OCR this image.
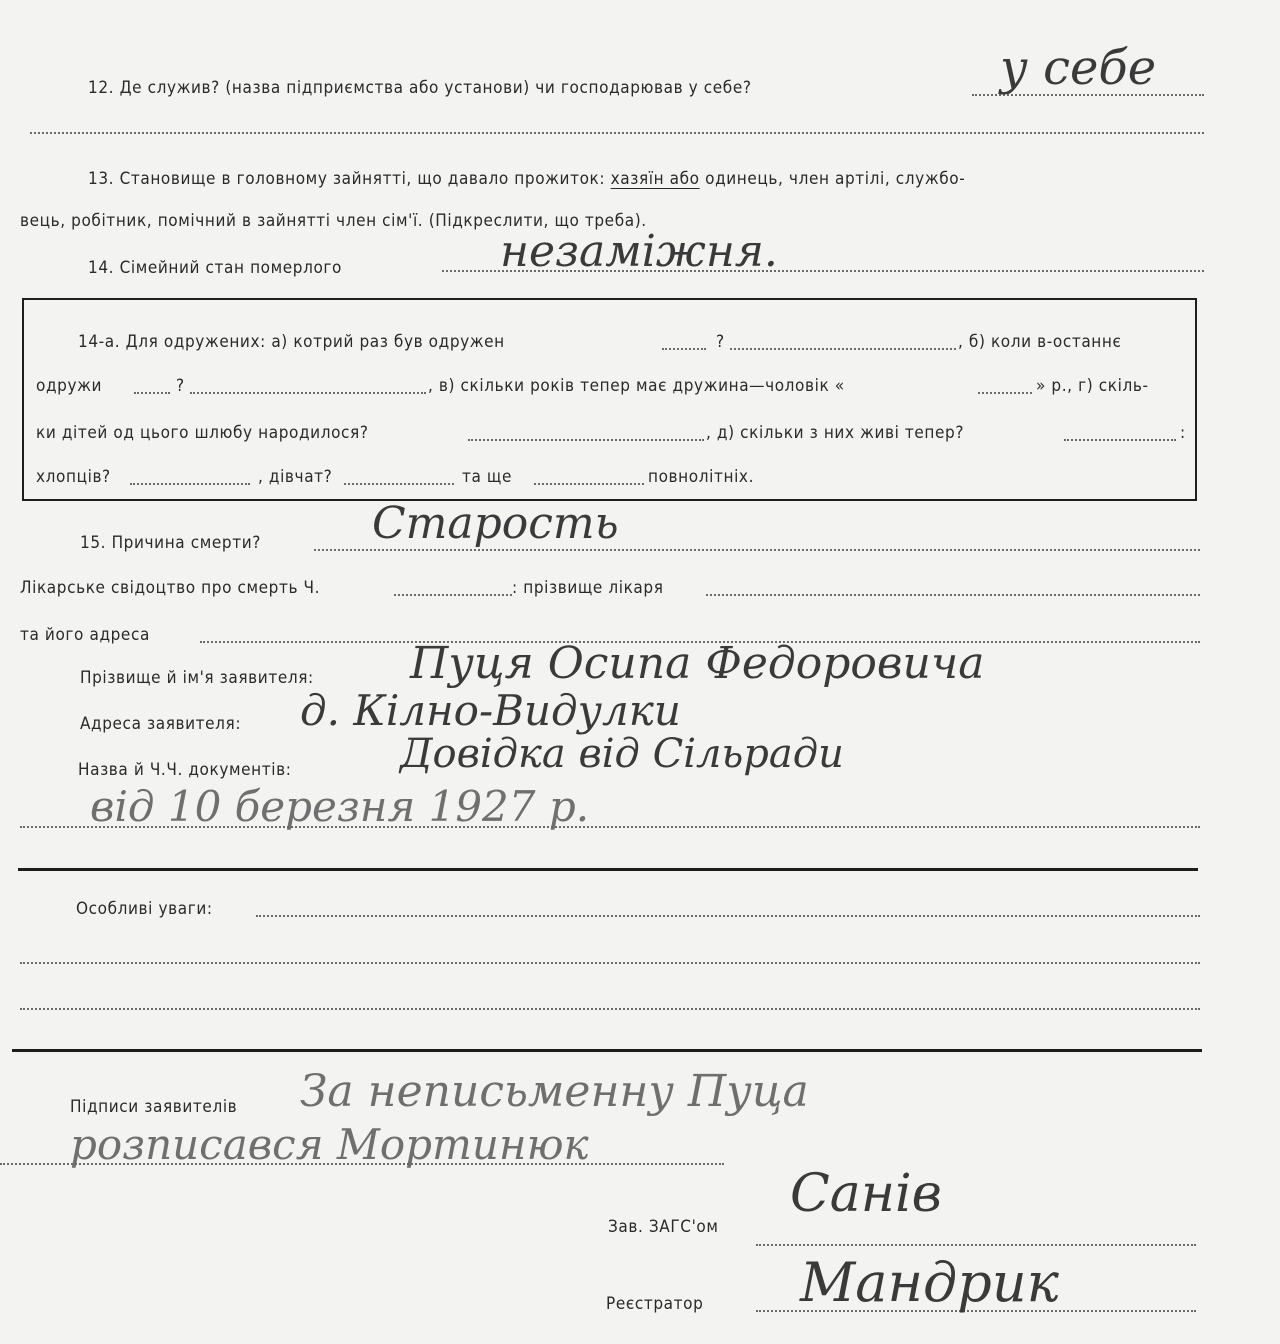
12. Де служив? (назва підприємства або установи) чи господарював у себе?	у себе
13. Становище в головному зайнятті, що давало прожиток: хазяїн або одинець, член артілі, службо-
вець, робітник, помічний в зайнятті член сім'ї. (Підкреслити, що треба).
14. Сімейний стан померлого	незаміжня.
14-а. Для одружених: а) котрий раз був одружен	?	, б) коли в-останнє
одружи	?	, в) скільки років тепер має дружина—чоловік «	» р., г) скіль-
ки дітей од цього шлюбу народилося?	, д) скільки з них живі тепер?	:
хлопців?	, дівчат?	та ще	повнолітніх.
15. Причина смерти?	Старость
Лікарське свідоцтво про смерть Ч.	: прізвище лікаря
та його адреса
Прізвище й ім'я заявителя: Пуця Осипа Федоровича
Адреса заявителя: д. Кілно-Видулки
Назва й Ч.Ч. документів:	Довідка від Сільради
від 10 березня 1927 р.
Особливі уваги:
Підписи заявителів За неписьменну Пуца
розписався Мортинюк
Зав. ЗАГС'ом
Санів
Реєстратор Мандрик
